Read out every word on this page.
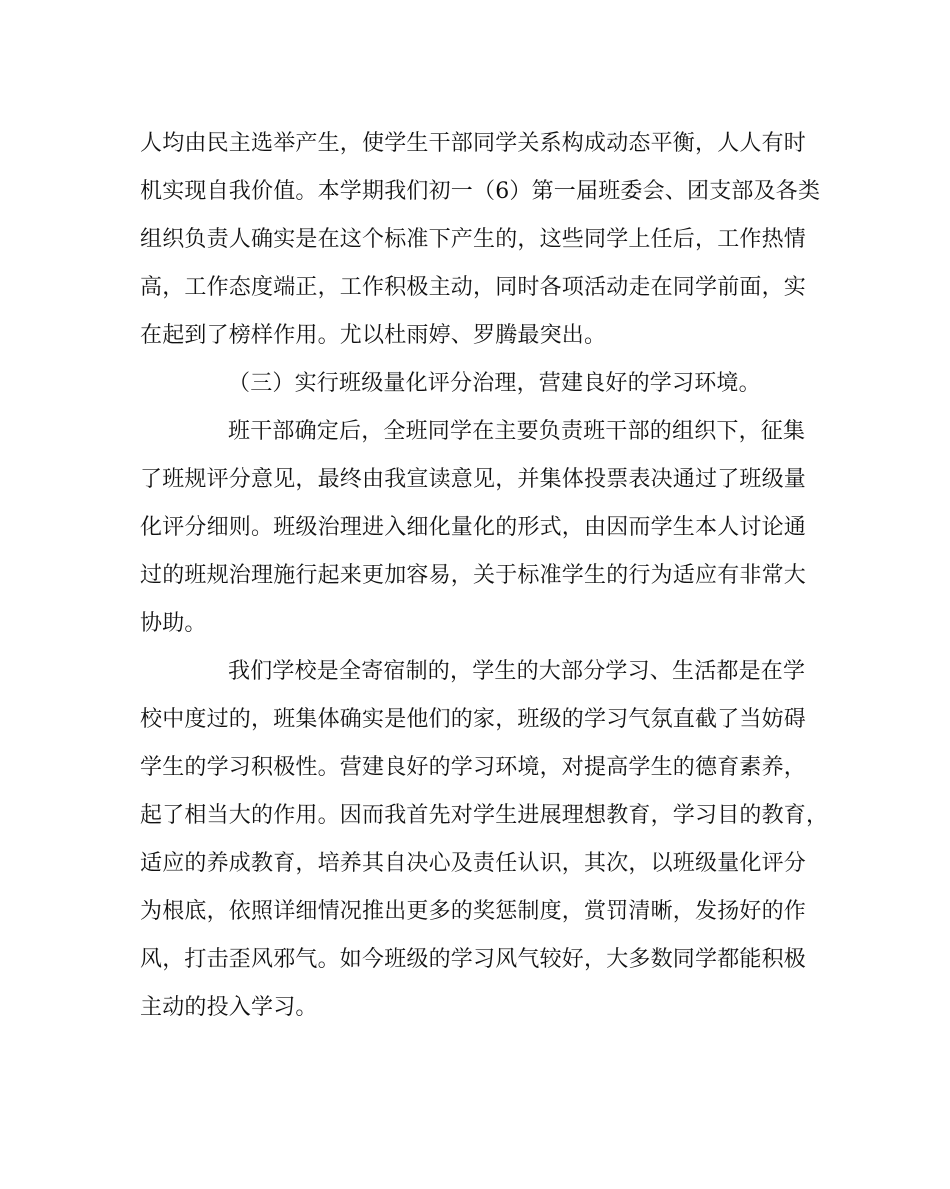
人均由民主选举产生，使学生干部同学关系构成动态平衡，人人有时
机实现自我价值。本学期我们初一（6）第一届班委会、团支部及各类
组织负责人确实是在这个标准下产生的，这些同学上任后，工作热情
高，工作态度端正，工作积极主动，同时各项活动走在同学前面，实
在起到了榜样作用。尤以杜雨婷、罗腾最突出。
（三）实行班级量化评分治理，营建良好的学习环境。
班干部确定后，全班同学在主要负责班干部的组织下，征集
了班规评分意见，最终由我宣读意见，并集体投票表决通过了班级量
化评分细则。班级治理进入细化量化的形式，由因而学生本人讨论通
过的班规治理施行起来更加容易，关于标准学生的行为适应有非常大
协助。
我们学校是全寄宿制的，学生的大部分学习、生活都是在学
校中度过的，班集体确实是他们的家，班级的学习气氛直截了当妨碍
学生的学习积极性。营建良好的学习环境，对提高学生的德育素养，
起了相当大的作用。因而我首先对学生进展理想教育，学习目的教育，
适应的养成教育，培养其自决心及责任认识，其次，以班级量化评分
为根底，依照详细情况推出更多的奖惩制度，赏罚清晰，发扬好的作
风，打击歪风邪气。如今班级的学习风气较好，大多数同学都能积极
主动的投入学习。
